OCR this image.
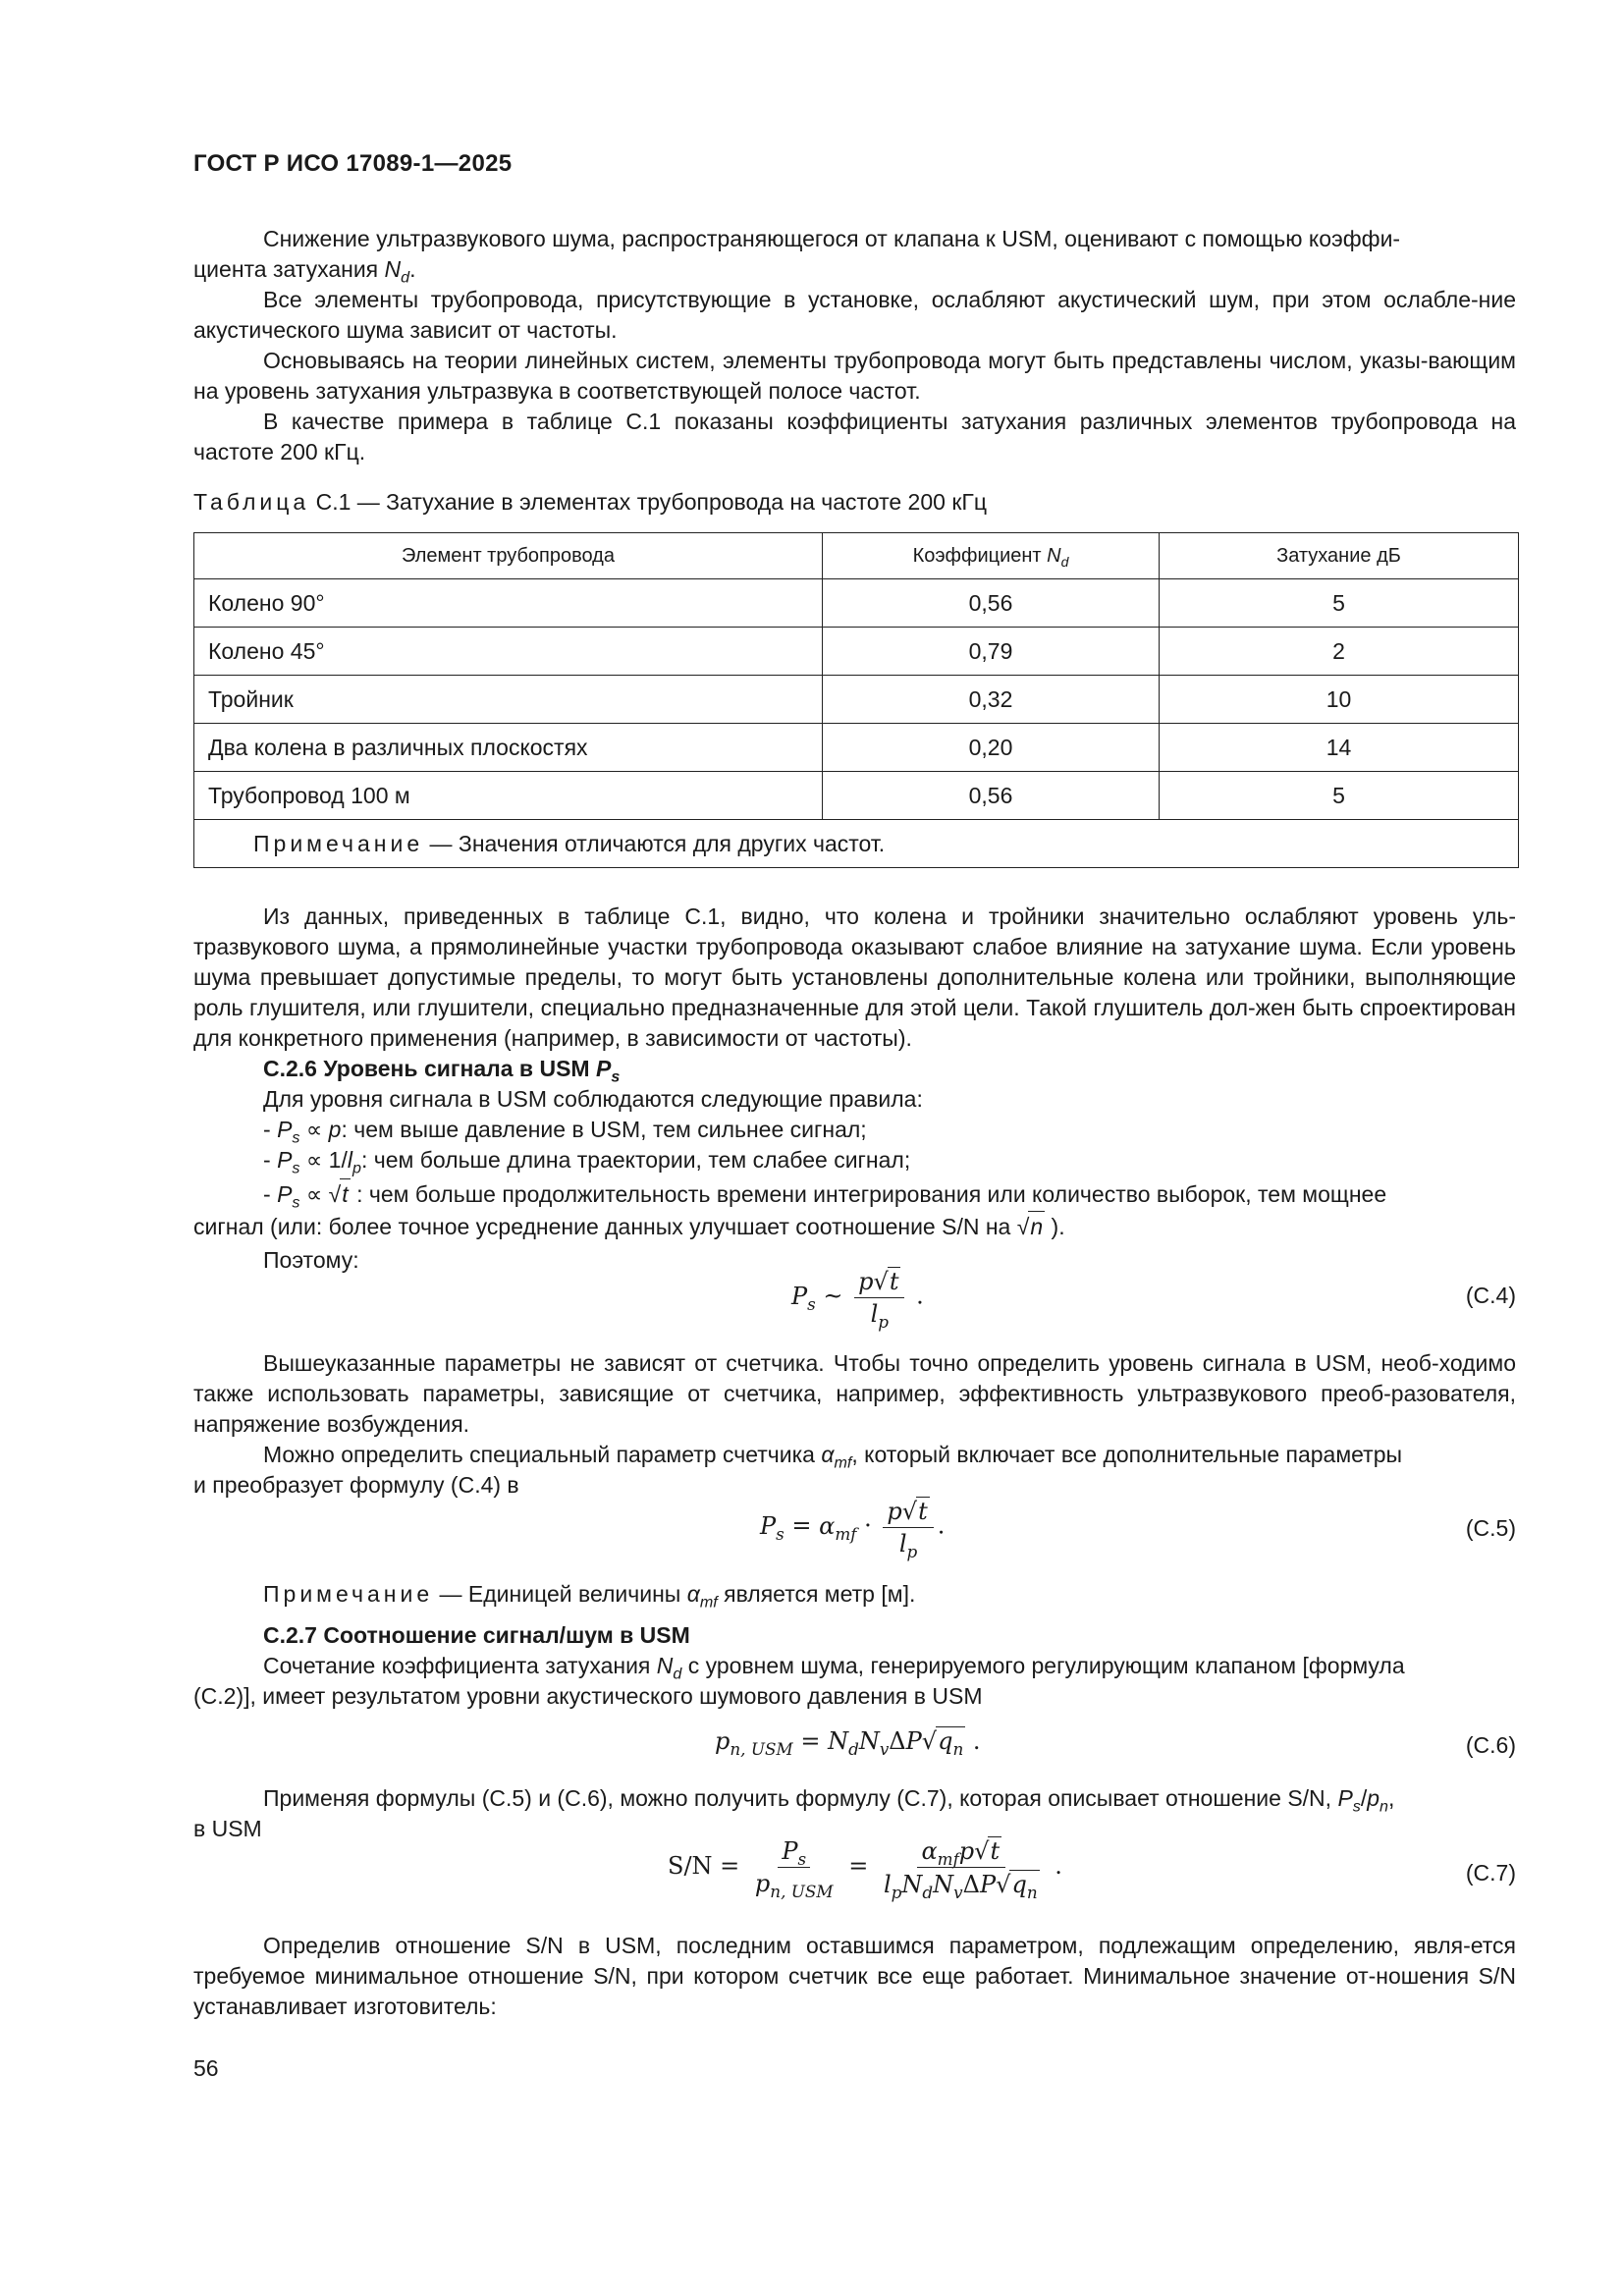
ГОСТ Р ИСО 17089-1—2025
Снижение ультразвукового шума, распространяющегося от клапана к USM, оценивают с помощью коэффи-
циента затухания $N_d$.
Все элементы трубопровода, присутствующие в установке, ослабляют акустический шум, при этом ослабле-ние акустического шума зависит от частоты.
Основываясь на теории линейных систем, элементы трубопровода могут быть представлены числом, указы-вающим на уровень затухания ультразвука в соответствующей полосе частот.
В качестве примера в таблице С.1 показаны коэффициенты затухания различных элементов трубопровода на частоте 200 кГц.
Таблица С.1 — Затухание в элементах трубопровода на частоте 200 кГц
Элемент трубопровода	Коэффициент $N_d$	Затухание дБ
Колено 90°	0,56	5
Колено 45°	0,79	2
Тройник	0,32	10
Два колена в различных плоскостях	0,20	14
Трубопровод 100 м	0,56	5
Примечание — Значения отличаются для других частот.		
Из данных, приведенных в таблице С.1, видно, что колена и тройники значительно ослабляют уровень уль-тразвукового шума, а прямолинейные участки трубопровода оказывают слабое влияние на затухание шума. Если уровень шума превышает допустимые пределы, то могут быть установлены дополнительные колена или тройники, выполняющие роль глушителя, или глушители, специально предназначенные для этой цели. Такой глушитель дол-жен быть спроектирован для конкретного применения (например, в зависимости от частоты).
С.2.6 Уровень сигнала в USM $P_s$
Для уровня сигнала в USM соблюдаются следующие правила:
- $P_s \propto p$: чем выше давление в USM, тем сильнее сигнал;
- $P_s \propto 1/l_p$: чем больше длина траектории, тем слабее сигнал;
- $P_s \propto √t$ : чем больше продолжительность времени интегрирования или количество выборок, тем мощнее
сигнал (или: более точное усреднение данных улучшает соотношение S/N на √n ).
Поэтому:
$P_s$ ~ $\frac{p√t}{l_p}$ .	(С.4)
Вышеуказанные параметры не зависят от счетчика. Чтобы точно определить уровень сигнала в USM, необ-ходимо также использовать параметры, зависящие от счетчика, например, эффективность ультразвукового преоб-разователя, напряжение возбуждения.
Можно определить специальный параметр счетчика $\alpha_{mf}$, который включает все дополнительные параметры
и преобразует формулу (С.4) в
$P_s = \alpha_{mf} \cdot \frac{p√t}{l_p}$ .	(С.5)
Примечание — Единицей величины $\alpha_{mf}$ является метр [м].
С.2.7 Соотношение сигнал/шум в USM
Сочетание коэффициента затухания $N_d$ с уровнем шума, генерируемого регулирующим клапаном [формула
(С.2)], имеет результатом уровни акустического шумового давления в USM
$p_{n, USM} = N_dN_v\Delta P√q_n$ .	(С.6)
Применяя формулы (С.5) и (С.6), можно получить формулу (С.7), которая описывает отношение S/N, $P_s/p_n$,
в USM
$S/N = \frac{P_s}{p_{n, USM}} = \frac{\alpha_{mf}p√t}{l_pN_dN_v\Delta P√q_n}$ .	(С.7)
Определив отношение S/N в USM, последним оставшимся параметром, подлежащим определению, явля-ется требуемое минимальное отношение S/N, при котором счетчик все еще работает. Минимальное значение от-ношения S/N устанавливает изготовитель:
56
